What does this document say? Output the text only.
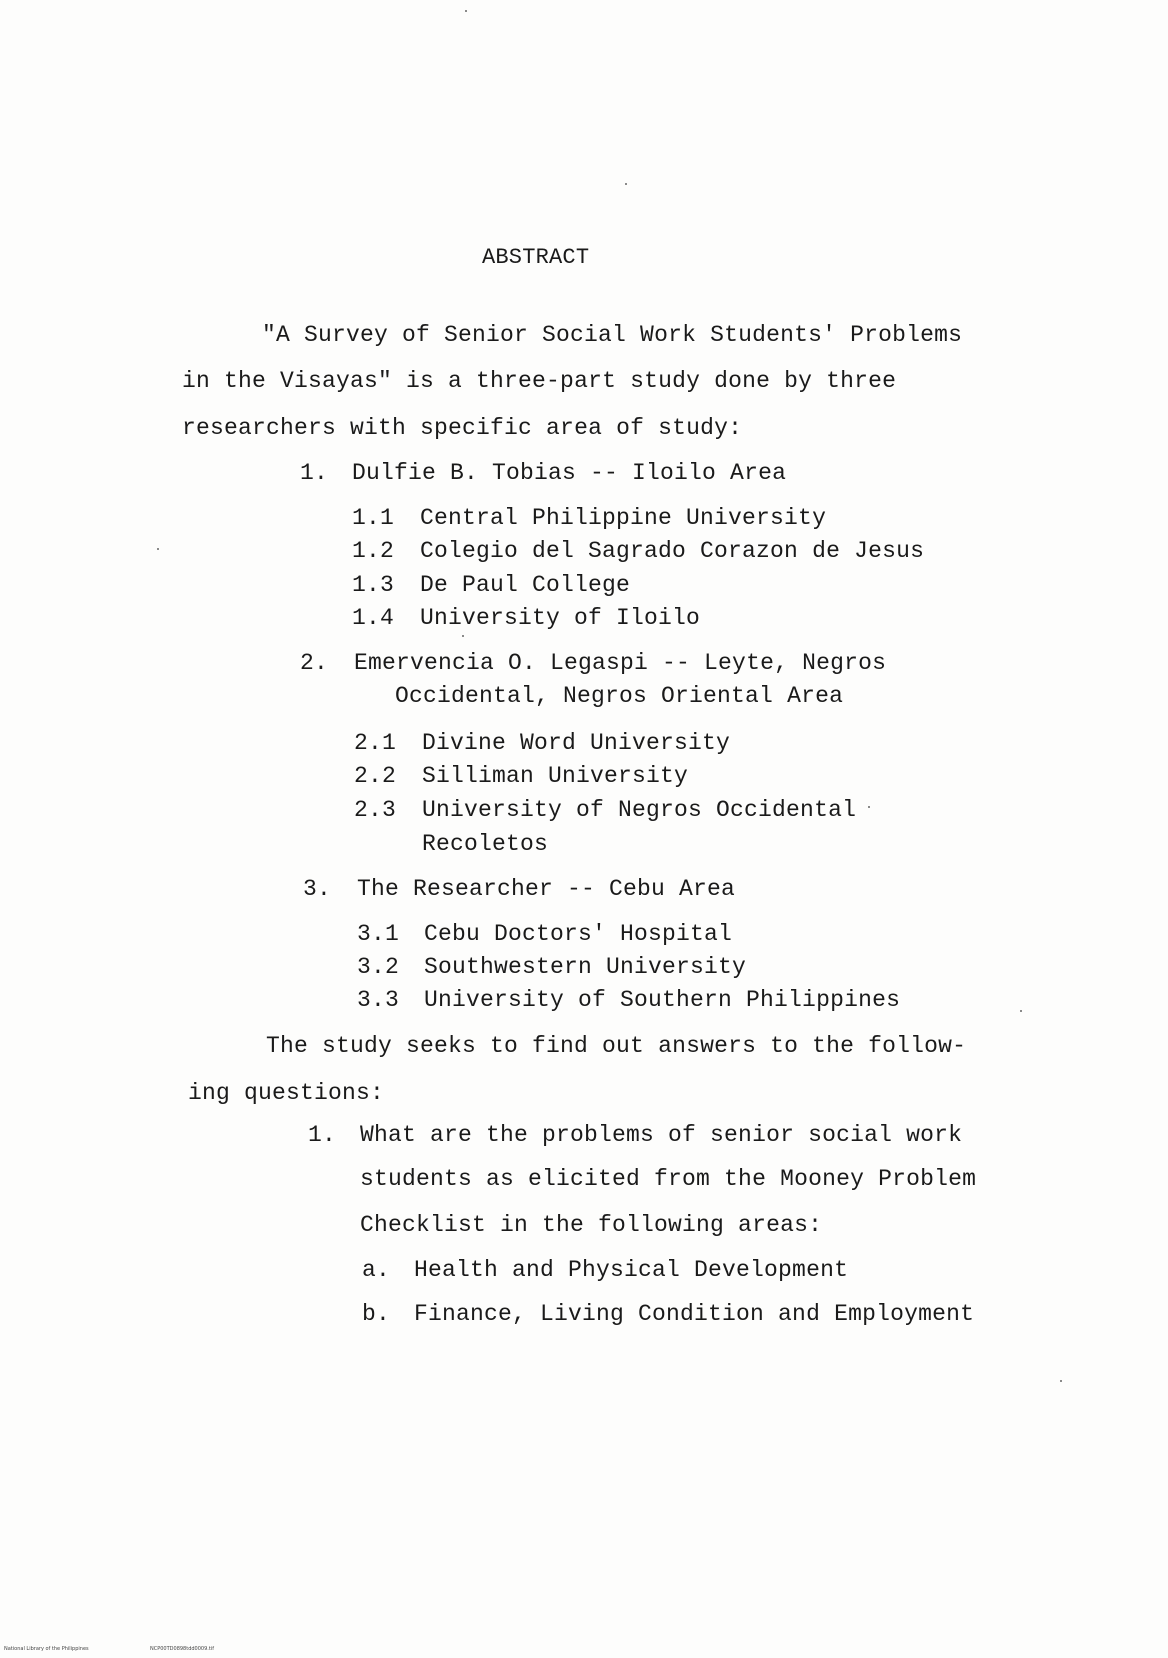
ABSTRACT
"A Survey of Senior Social Work Students' Problems
in the Visayas" is a three-part study done by three
researchers with specific area of study:
1. Dulfie B. Tobias -- Iloilo Area
1.1 Central Philippine University
1.2 Colegio del Sagrado Corazon de Jesus
1.3 De Paul College
1.4 University of Iloilo
2. Emervencia O. Legaspi -- Leyte, Negros
Occidental, Negros Oriental Area
2.1 Divine Word University
2.2 Silliman University
2.3 University of Negros Occidental
Recoletos
3. The Researcher -- Cebu Area
3.1 Cebu Doctors' Hospital
3.2 Southwestern University
3.3 University of Southern Philippines
The study seeks to find out answers to the follow-
ing questions:
1. What are the problems of senior social work
students as elicited from the Mooney Problem
Checklist in the following areas:
a. Health and Physical Development
b. Finance, Living Condition and Employment
National Library of the Philippines	NCP00TD0898tdd0009.tif
